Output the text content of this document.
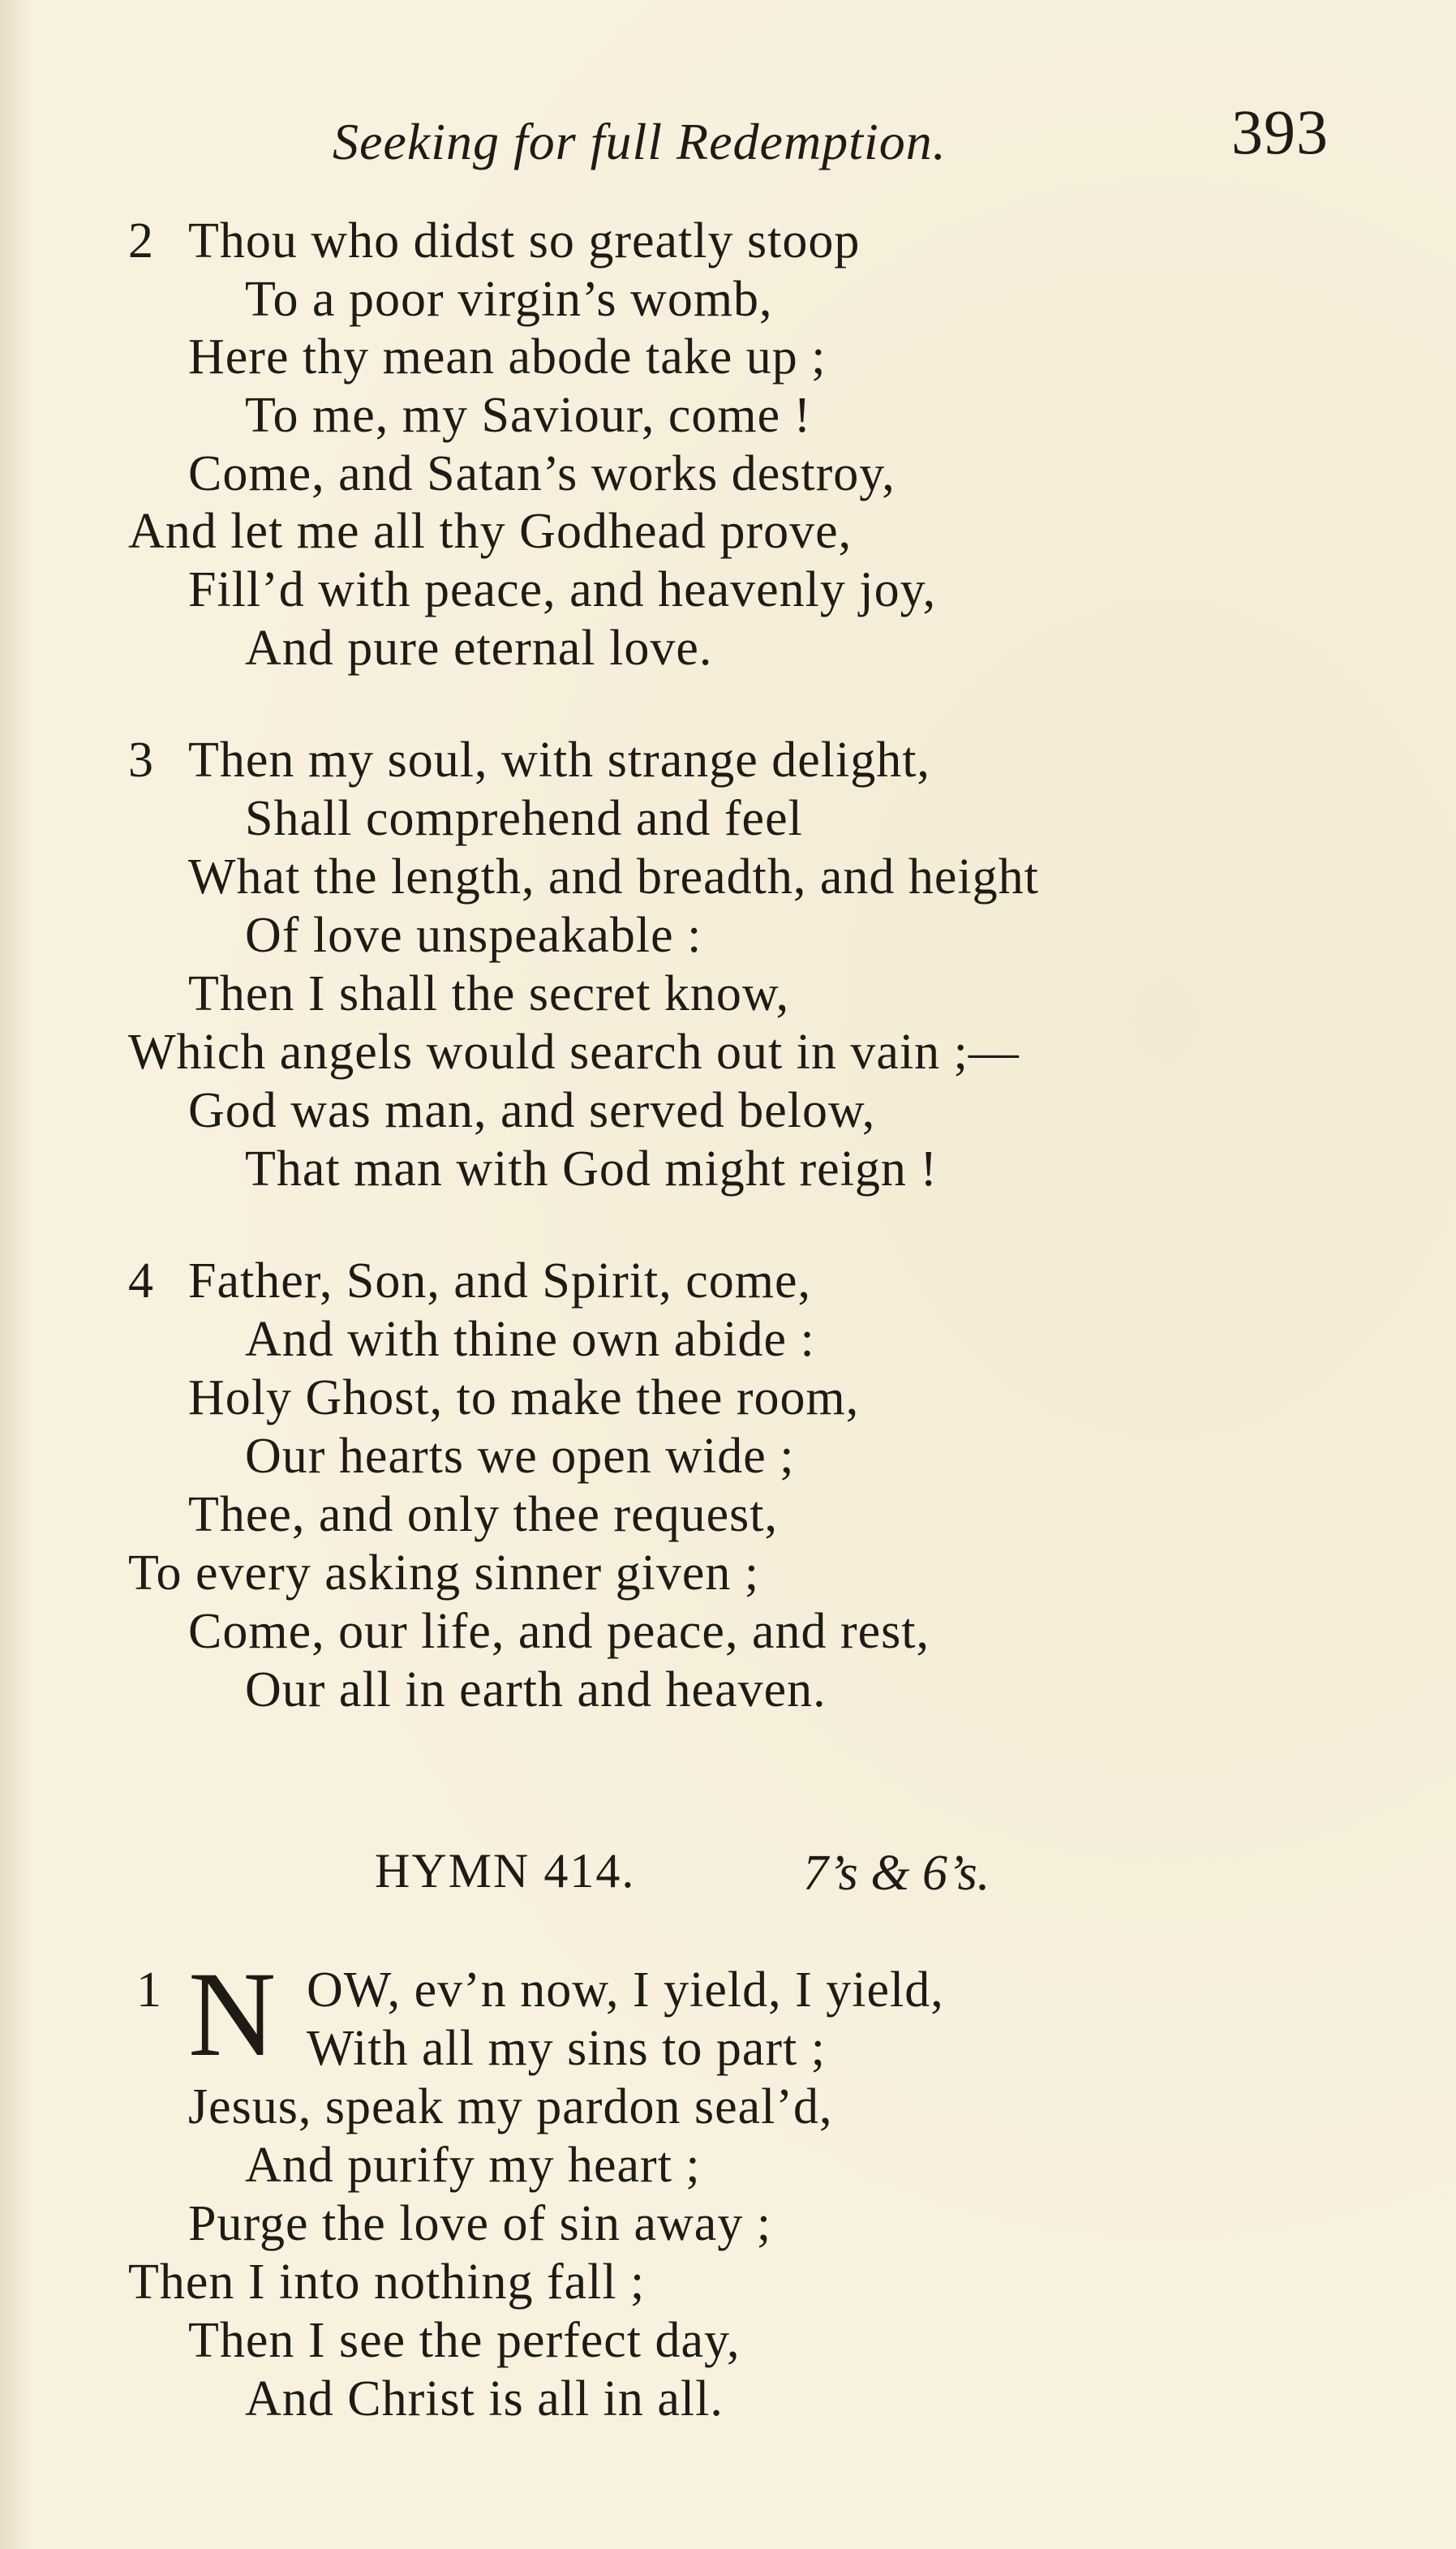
Seeking for full Redemption.	393
2 Thou who didst so greatly stoop
To a poor virgin’s womb,
Here thy mean abode take up ;
To me, my Saviour, come !
Come, and Satan’s works destroy,
And let me all thy Godhead prove,
Fill’d with peace, and heavenly joy,
And pure eternal love.
3 Then my soul, with strange delight,
Shall comprehend and feel
What the length, and breadth, and height
Of love unspeakable :
Then I shall the secret know,
Which angels would search out in vain ;—
God was man, and served below,
That man with God might reign !
4 Father, Son, and Spirit, come,
And with thine own abide :
Holy Ghost, to make thee room,
Our hearts we open wide ;
Thee, and only thee request,
To every asking sinner given ;
Come, our life, and peace, and rest,
Our all in earth and heaven.
HYMN 414.	7’s & 6’s.
1 N OW, ev’n now, I yield, I yield,
With all my sins to part ;
Jesus, speak my pardon seal’d,
And purify my heart ;
Purge the love of sin away ;
Then I into nothing fall ;
Then I see the perfect day,
And Christ is all in all.
